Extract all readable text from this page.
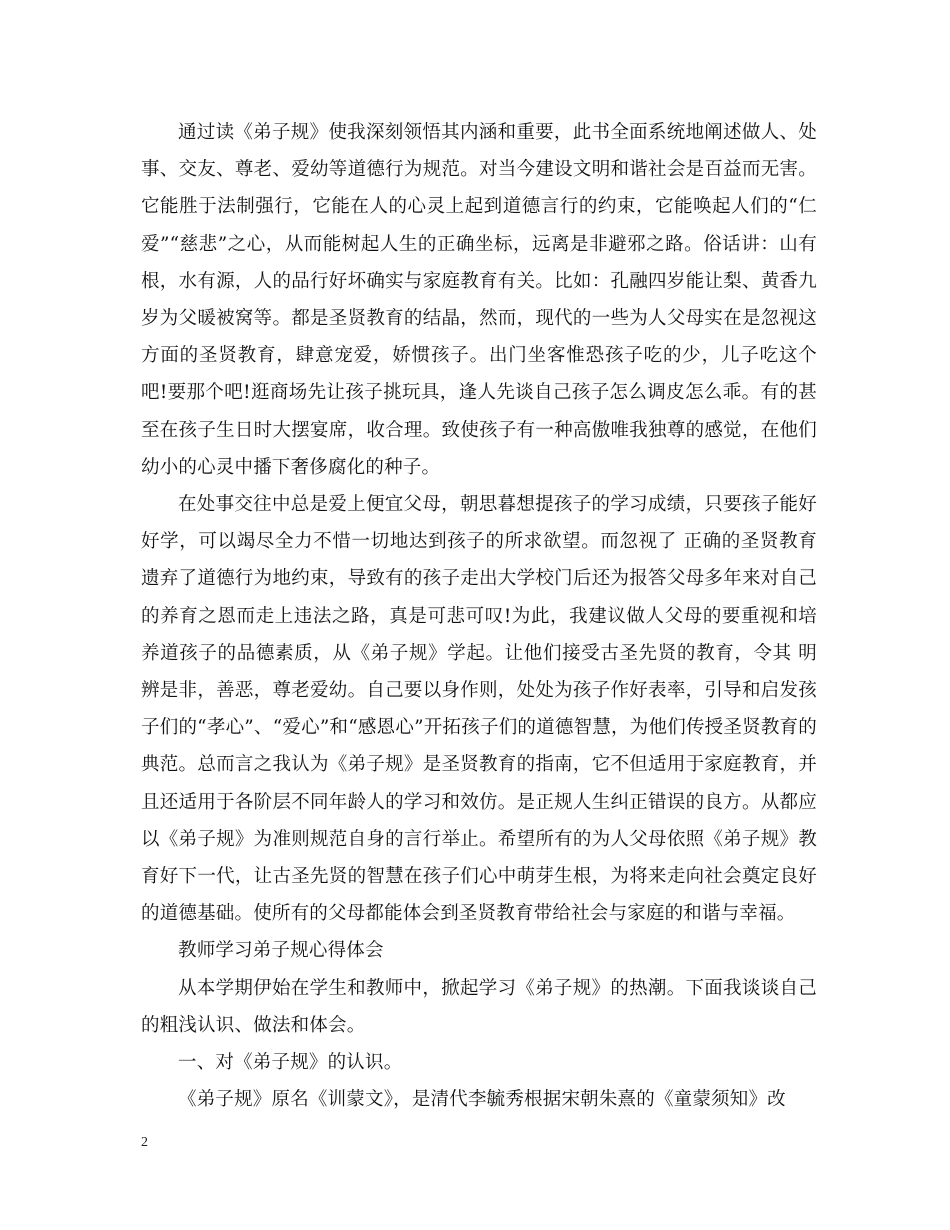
通过读《弟子规》使我深刻领悟其内涵和重要，此书全面系统地阐述做人、处事、交友、尊老、爱幼等道德行为规范。对当今建设文明和谐社会是百益而无害。它能胜于法制强行，它能在人的心灵上起到道德言行的约束，它能唤起人们的“仁爱”“慈悲”之心，从而能树起人生的正确坐标，远离是非避邪之路。俗话讲：山有根，水有源，人的品行好坏确实与家庭教育有关。比如：孔融四岁能让梨、黄香九岁为父暖被窝等。都是圣贤教育的结晶，然而，现代的一些为人父母实在是忽视这方面的圣贤教育，肆意宠爱，娇惯孩子。出门坐客惟恐孩子吃的少，儿子吃这个吧!要那个吧!逛商场先让孩子挑玩具，逢人先谈自己孩子怎么调皮怎么乖。有的甚至在孩子生日时大摆宴席，收合理。致使孩子有一种高傲唯我独尊的感觉，在他们幼小的心灵中播下奢侈腐化的种子。

在处事交往中总是爱上便宜父母，朝思暮想提孩子的学习成绩，只要孩子能好好学，可以竭尽全力不惜一切地达到孩子的所求欲望。而忽视了 正确的圣贤教育遗弃了道德行为地约束，导致有的孩子走出大学校门后还为报答父母多年来对自己的养育之恩而走上违法之路，真是可悲可叹!为此，我建议做人父母的要重视和培养道孩子的品德素质，从《弟子规》学起。让他们接受古圣先贤的教育，令其 明辨是非，善恶，尊老爱幼。自己要以身作则，处处为孩子作好表率，引导和启发孩子们的“孝心”、“爱心”和“感恩心”开拓孩子们的道德智慧，为他们传授圣贤教育的典范。总而言之我认为《弟子规》是圣贤教育的指南，它不但适用于家庭教育，并且还适用于各阶层不同年龄人的学习和效仿。是正规人生纠正错误的良方。从都应以《弟子规》为准则规范自身的言行举止。希望所有的为人父母依照《弟子规》教育好下一代，让古圣先贤的智慧在孩子们心中萌芽生根，为将来走向社会奠定良好的道德基础。使所有的父母都能体会到圣贤教育带给社会与家庭的和谐与幸福。

教师学习弟子规心得体会

从本学期伊始在学生和教师中，掀起学习《弟子规》的热潮。下面我谈谈自己的粗浅认识、做法和体会。

一、对《弟子规》的认识。

《弟子规》原名《训蒙文》，是清代李毓秀根据宋朝朱熹的《童蒙须知》改

2
